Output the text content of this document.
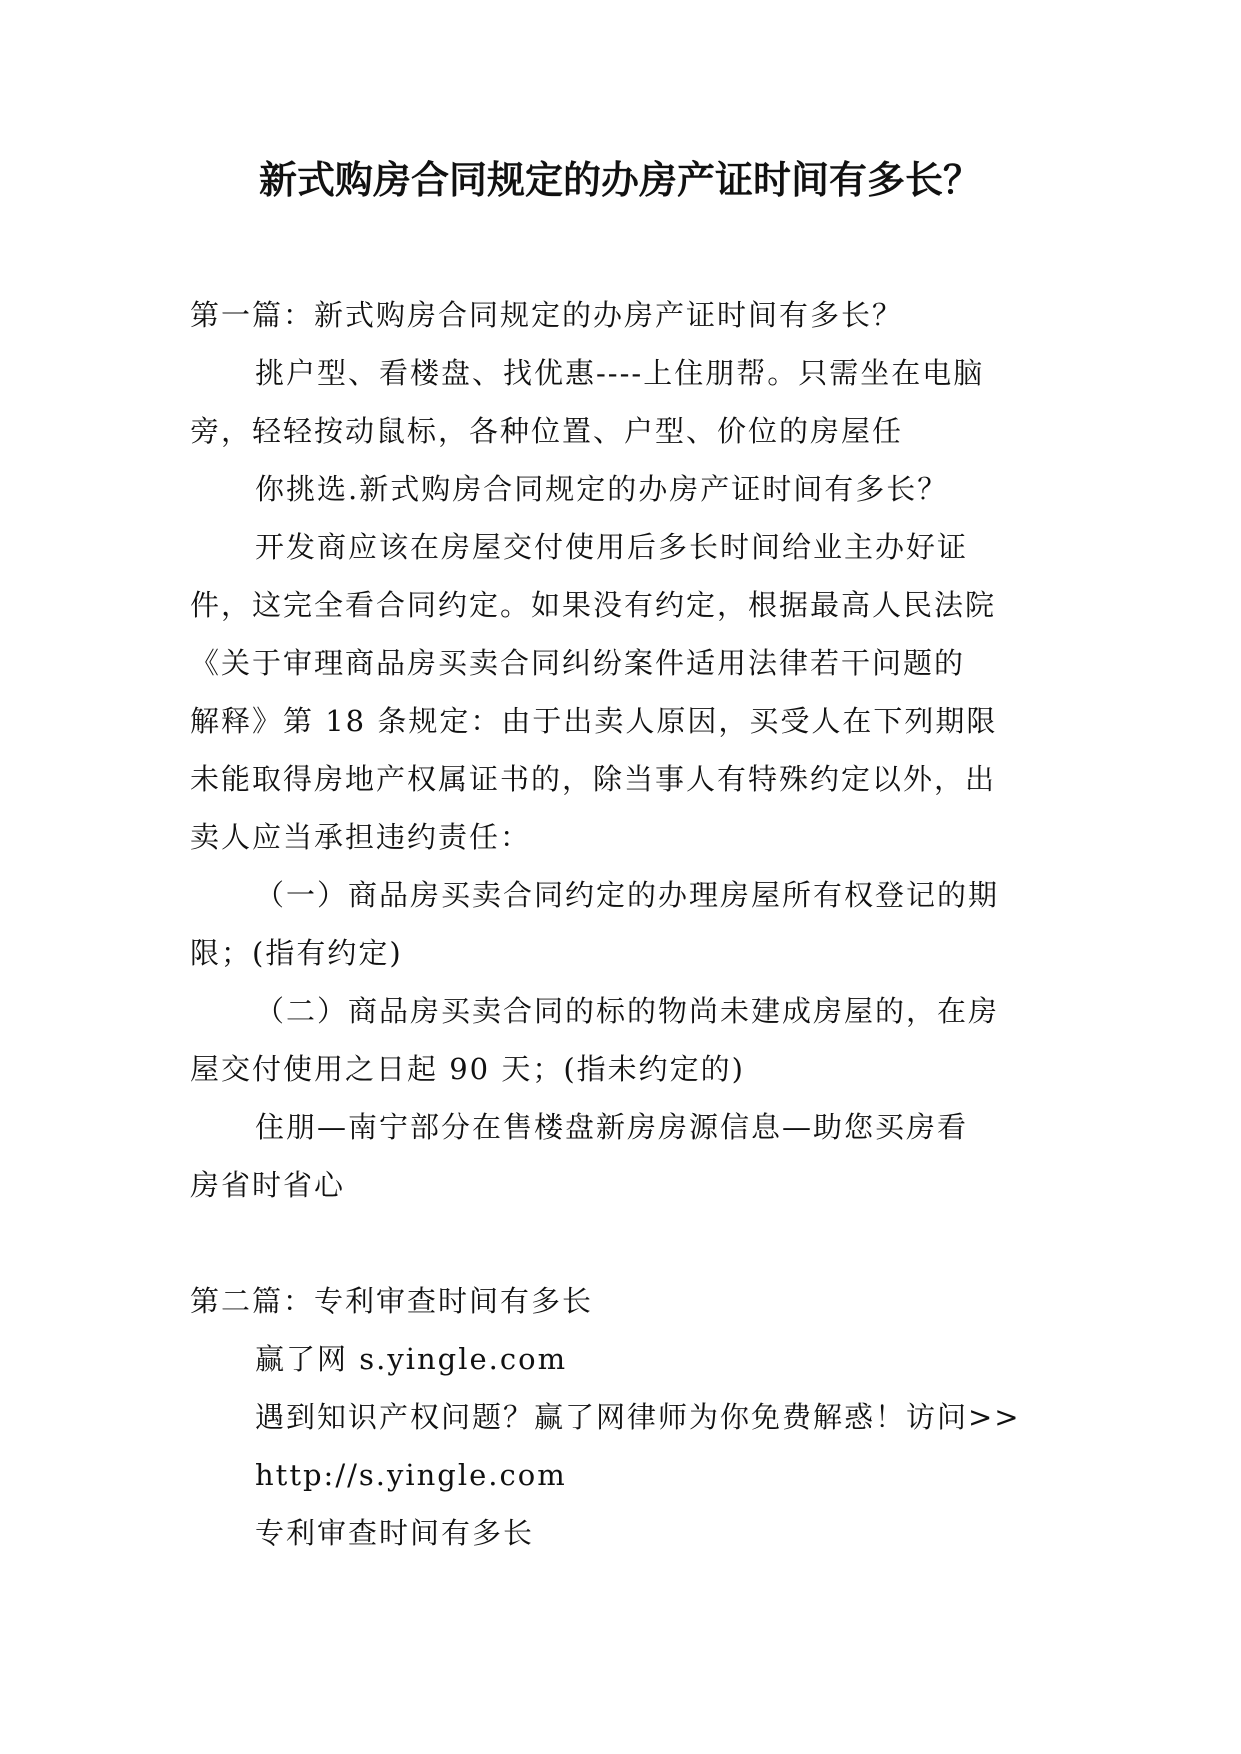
新式购房合同规定的办房产证时间有多长？

第一篇：新式购房合同规定的办房产证时间有多长？

挑户型、看楼盘、找优惠----上住朋帮。只需坐在电脑

旁，轻轻按动鼠标，各种位置、户型、价位的房屋任

你挑选.新式购房合同规定的办房产证时间有多长？

开发商应该在房屋交付使用后多长时间给业主办好证

件，这完全看合同约定。如果没有约定，根据最高人民法院

《关于审理商品房买卖合同纠纷案件适用法律若干问题的

解释》第 18 条规定：由于出卖人原因，买受人在下列期限

未能取得房地产权属证书的，除当事人有特殊约定以外，出

卖人应当承担违约责任：

（一）商品房买卖合同约定的办理房屋所有权登记的期

限；(指有约定)

（二）商品房买卖合同的标的物尚未建成房屋的，在房

屋交付使用之日起 90 天；(指未约定的)

住朋—南宁部分在售楼盘新房房源信息—助您买房看

房省时省心

第二篇：专利审查时间有多长

赢了网 s.yingle.com

遇到知识产权问题？赢了网律师为你免费解惑！访问>>

http://s.yingle.com

专利审查时间有多长
